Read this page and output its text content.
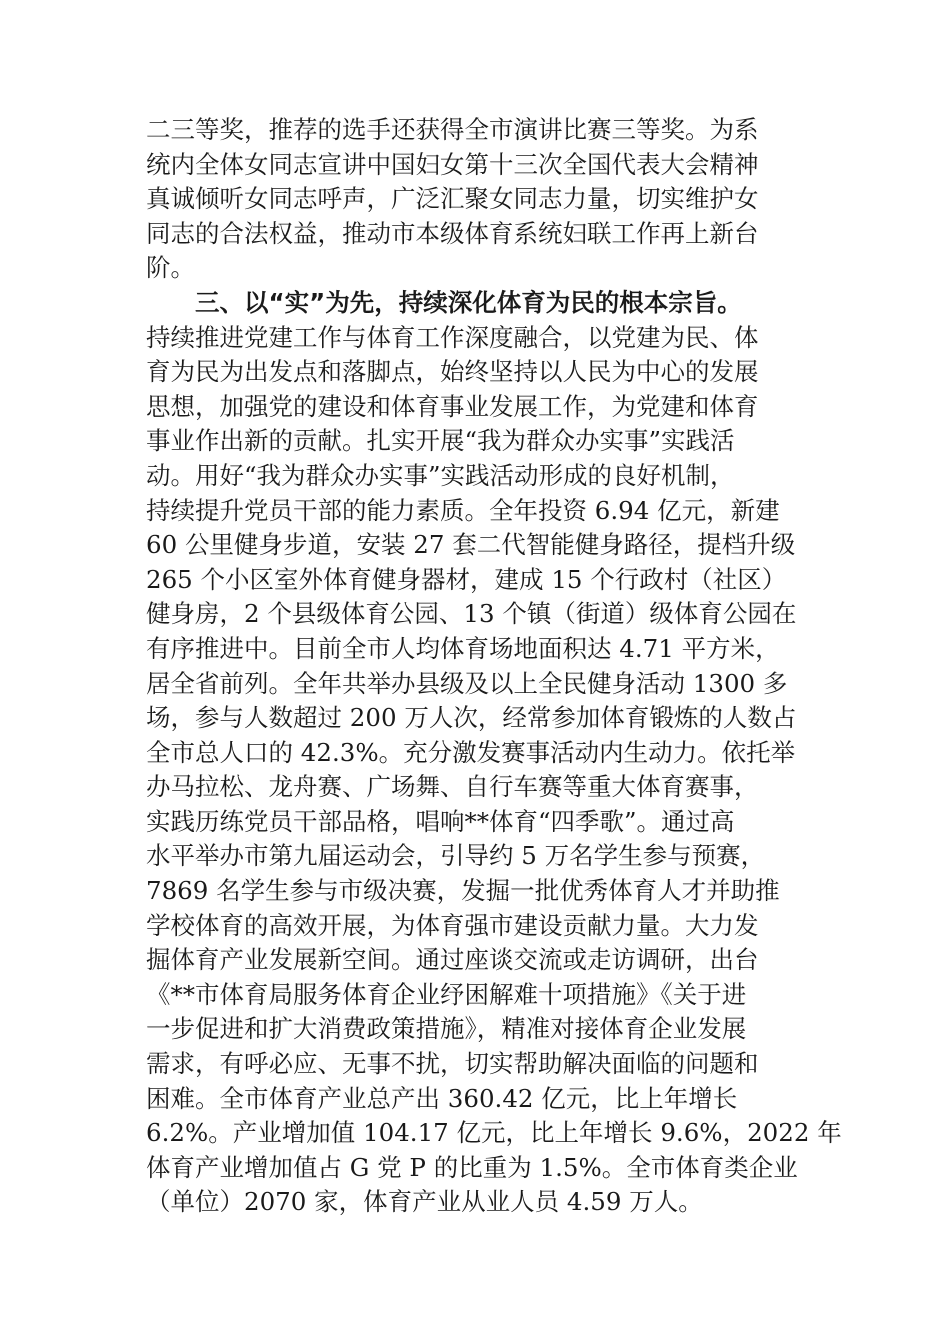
二三等奖，推荐的选手还获得全市演讲比赛三等奖。为系
统内全体女同志宣讲中国妇女第十三次全国代表大会精神
真诚倾听女同志呼声，广泛汇聚女同志力量，切实维护女
同志的合法权益，推动市本级体育系统妇联工作再上新台
阶。
三、以“实”为先，持续深化体育为民的根本宗旨。
持续推进党建工作与体育工作深度融合，以党建为民、体
育为民为出发点和落脚点，始终坚持以人民为中心的发展
思想，加强党的建设和体育事业发展工作，为党建和体育
事业作出新的贡献。扎实开展“我为群众办实事”实践活
动。用好“我为群众办实事”实践活动形成的良好机制，
持续提升党员干部的能力素质。全年投资 6.94 亿元，新建
60 公里健身步道，安装 27 套二代智能健身路径，提档升级
265 个小区室外体育健身器材，建成 15 个行政村（社区）
健身房，2 个县级体育公园、13 个镇（街道）级体育公园在
有序推进中。目前全市人均体育场地面积达 4.71 平方米，
居全省前列。全年共举办县级及以上全民健身活动 1300 多
场，参与人数超过 200 万人次，经常参加体育锻炼的人数占
全市总人口的 42.3%。充分激发赛事活动内生动力。依托举
办马拉松、龙舟赛、广场舞、自行车赛等重大体育赛事，
实践历练党员干部品格，唱响**体育“四季歌”。通过高
水平举办市第九届运动会，引导约 5 万名学生参与预赛，
7869 名学生参与市级决赛，发掘一批优秀体育人才并助推
学校体育的高效开展，为体育强市建设贡献力量。大力发
掘体育产业发展新空间。通过座谈交流或走访调研，出台
《**市体育局服务体育企业纾困解难十项措施》《关于进
一步促进和扩大消费政策措施》，精准对接体育企业发展
需求，有呼必应、无事不扰，切实帮助解决面临的问题和
困难。全市体育产业总产出 360.42 亿元，比上年增长
6.2%。产业增加值 104.17 亿元，比上年增长 9.6%，2022 年
体育产业增加值占 G 党 P 的比重为 1.5%。全市体育类企业
（单位）2070 家，体育产业从业人员 4.59 万人。
